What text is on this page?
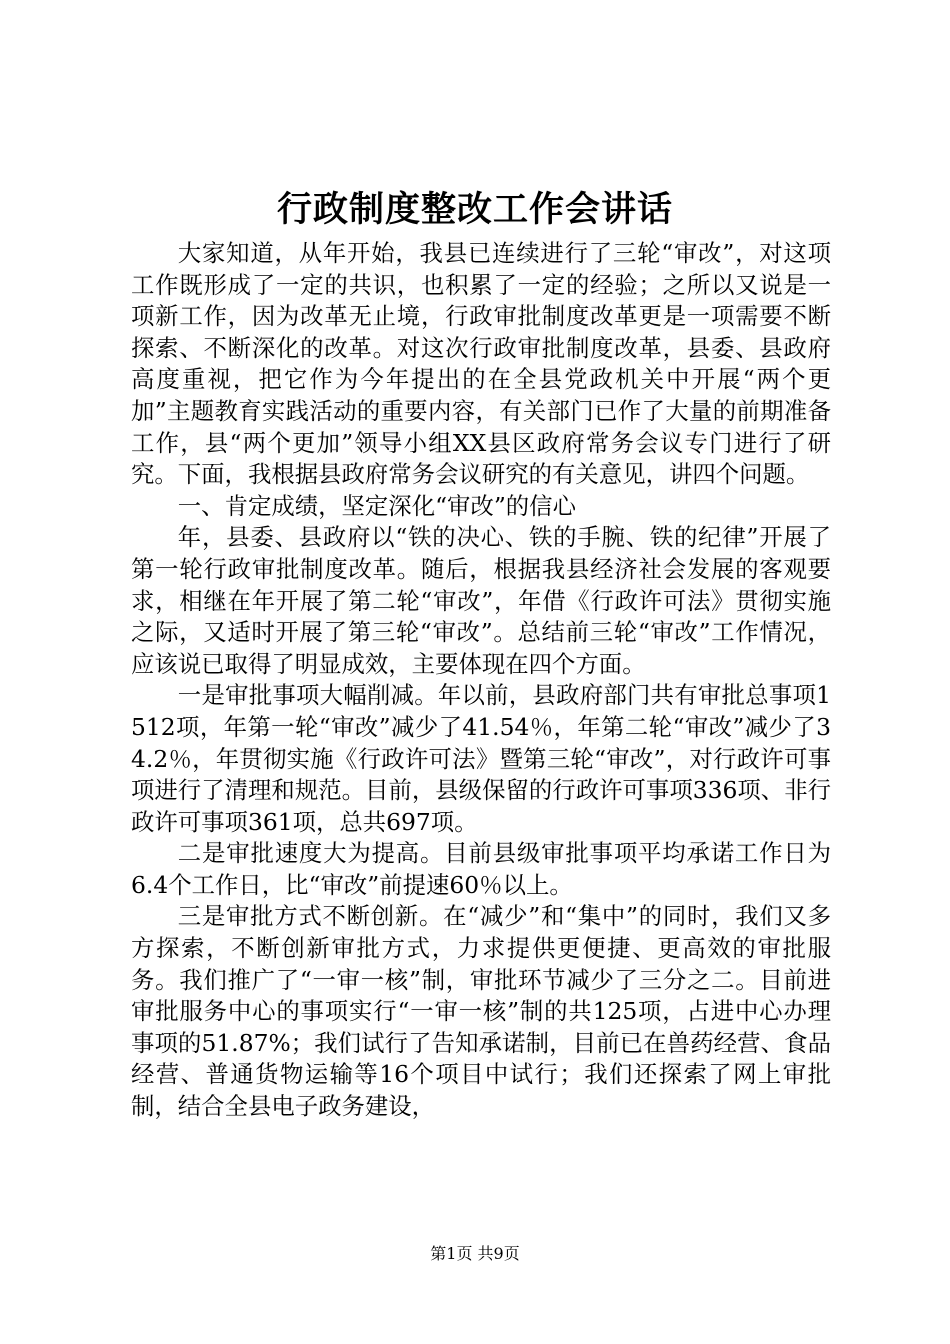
行政制度整改工作会讲话

大家知道，从年开始，我县已连续进行了三轮“审改”，对这项工作既形成了一定的共识，也积累了一定的经验；之所以又说是一项新工作，因为改革无止境，行政审批制度改革更是一项需要不断探索、不断深化的改革。对这次行政审批制度改革，县委、县政府高度重视，把它作为今年提出的在全县党政机关中开展“两个更加”主题教育实践活动的重要内容，有关部门已作了大量的前期准备工作，县“两个更加”领导小组XX县区政府常务会议专门进行了研究。下面，我根据县政府常务会议研究的有关意见，讲四个问题。

一、肯定成绩，坚定深化“审改”的信心

年，县委、县政府以“铁的决心、铁的手腕、铁的纪律”开展了第一轮行政审批制度改革。随后，根据我县经济社会发展的客观要求，相继在年开展了第二轮“审改”，年借《行政许可法》贯彻实施之际，又适时开展了第三轮“审改”。总结前三轮“审改”工作情况，应该说已取得了明显成效，主要体现在四个方面。

一是审批事项大幅削减。年以前，县政府部门共有审批总事项1512项，年第一轮“审改”减少了41.54％，年第二轮“审改”减少了34.2％，年贯彻实施《行政许可法》暨第三轮“审改”，对行政许可事项进行了清理和规范。目前，县级保留的行政许可事项336项、非行政许可事项361项，总共697项。

二是审批速度大为提高。目前县级审批事项平均承诺工作日为6.4个工作日，比“审改”前提速60％以上。

三是审批方式不断创新。在“减少”和“集中”的同时，我们又多方探索，不断创新审批方式，力求提供更便捷、更高效的审批服务。我们推广了“一审一核”制，审批环节减少了三分之二。目前进审批服务中心的事项实行“一审一核”制的共125项，占进中心办理事项的51.87%；我们试行了告知承诺制，目前已在兽药经营、食品经营、普通货物运输等16个项目中试行；我们还探索了网上审批制，结合全县电子政务建设，

第1页 共9页
